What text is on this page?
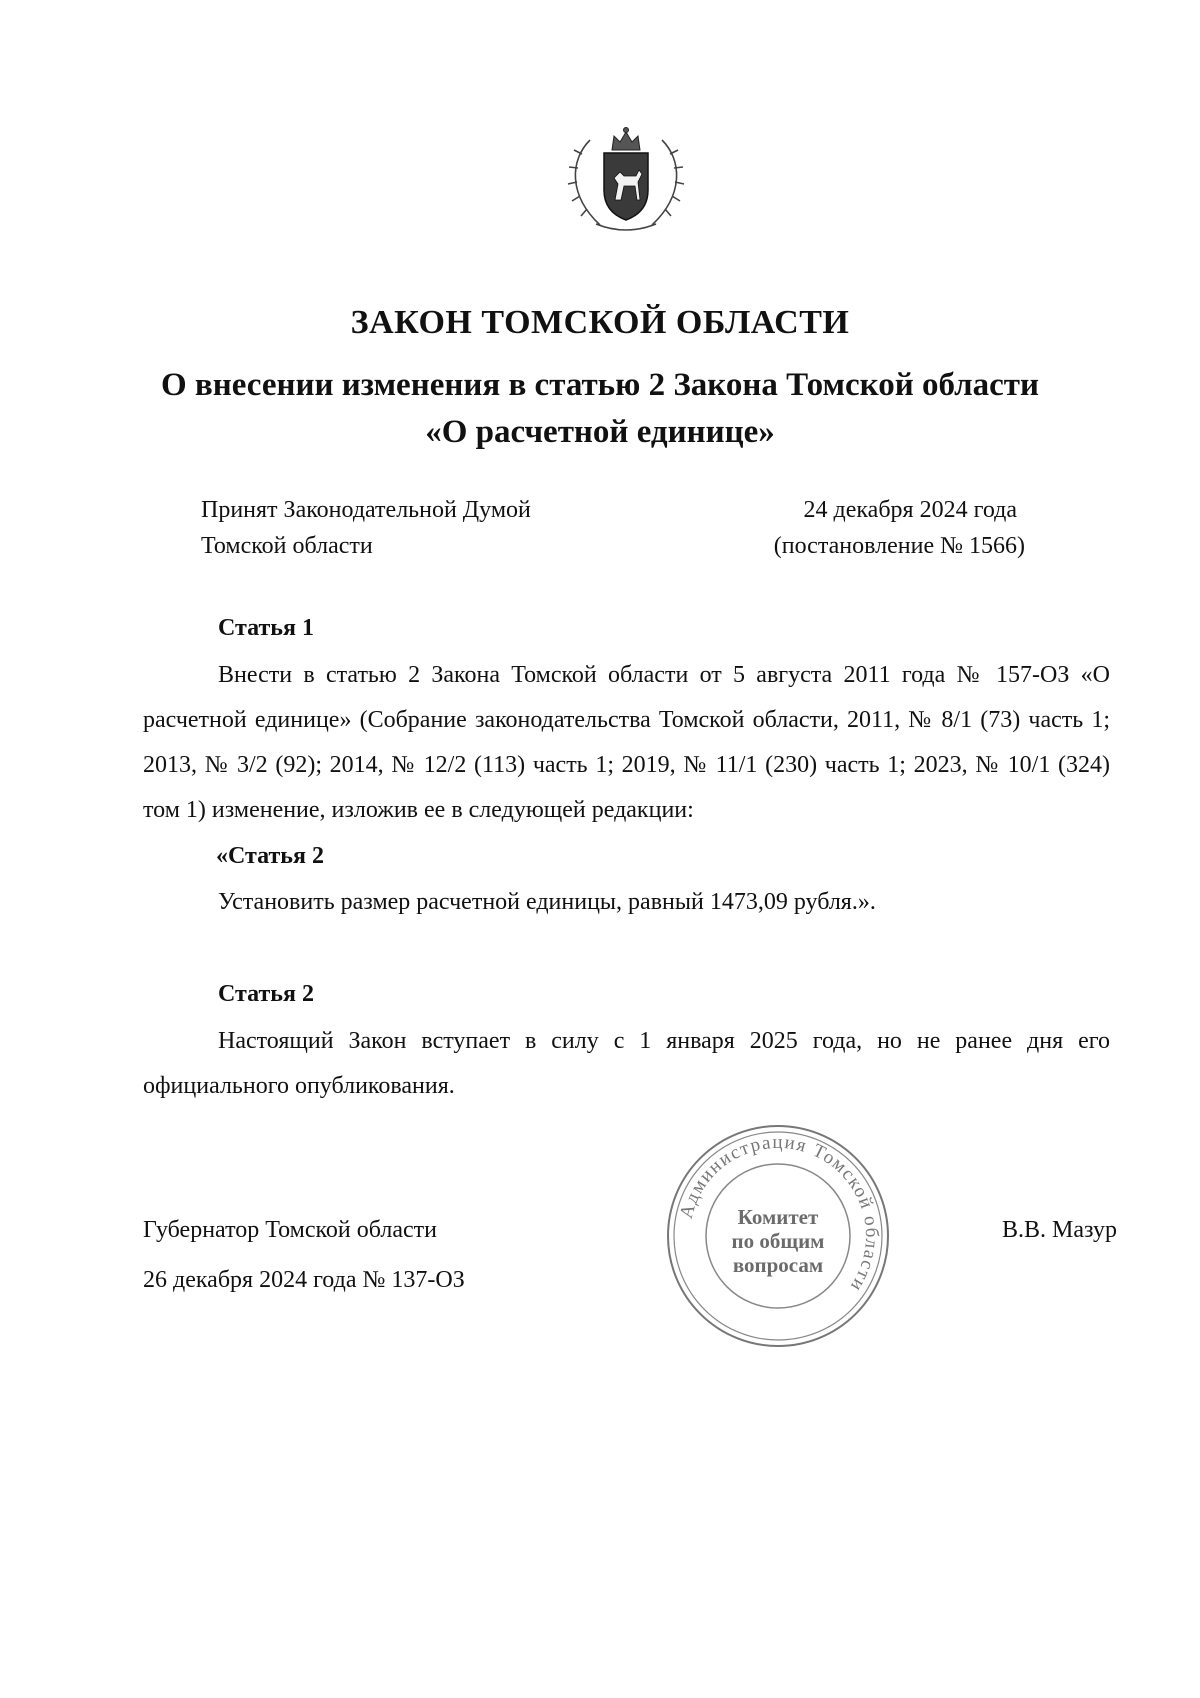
ЗАКОН ТОМСКОЙ ОБЛАСТИ
О внесении изменения в статью 2 Закона Томской области
«О расчетной единице»
Принят Законодательной Думой
Томской области
24 декабря 2024 года
(постановление № 1566)
Статья 1
Внести в статью 2 Закона Томской области от 5 августа 2011 года № 157-ОЗ «О расчетной единице» (Собрание законодательства Томской области, 2011, № 8/1 (73) часть 1; 2013, № 3/2 (92); 2014, № 12/2 (113) часть 1; 2019, № 11/1 (230) часть 1; 2023, № 10/1 (324) том 1) изменение, изложив ее в следующей редакции:
«Статья 2
Установить размер расчетной единицы, равный 1473,09 рубля.».
Статья 2
Настоящий Закон вступает в силу с 1 января 2025 года, но не ранее дня его официального опубликования.
Губернатор Томской области
26 декабря 2024 года № 137-ОЗ
В.В. Мазур
Администрация Томской области
Комитет
по общим
вопросам
